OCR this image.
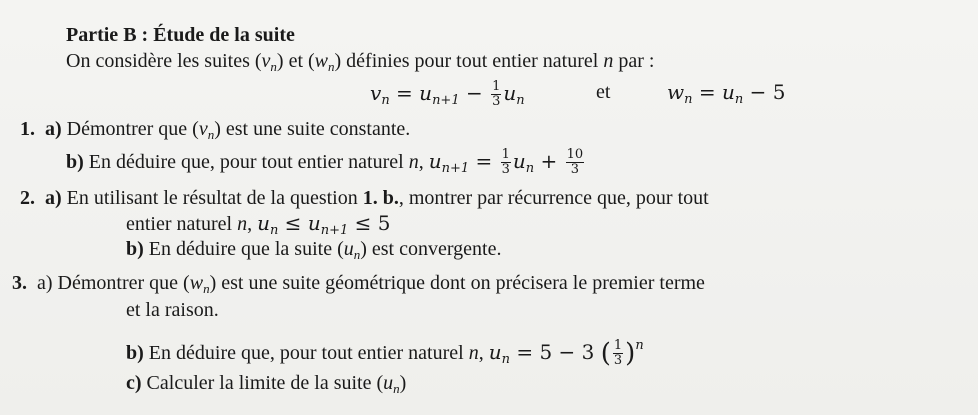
Partie B : Étude de la suite
On considère les suites $(v_n)$ et $(w_n)$ définies pour tout entier naturel n par :
$v_n = u_{n+1} - \frac{1}{3} u_n$	et	$w_n = u_n - 5$
1. a) Démontrer que $(v_n)$ est une suite constante.
b) En déduire que, pour tout entier naturel n, $u_{n+1} = \frac{1}{3} u_n + \frac{10}{3}$
2. a) En utilisant le résultat de la question 1. b., montrer par récurrence que, pour tout
entier naturel n, $u_n \le u_{n+1} \le 5$
b) En déduire que la suite $(u_n)$ est convergente.
3. a) Démontrer que $(w_n)$ est une suite géométrique dont on précisera le premier terme
et la raison.
b) En déduire que, pour tout entier naturel n, $u_n = 5 - 3$ ( $\frac{1}{3} )^n$
c) Calculer la limite de la suite $(u_n)$
